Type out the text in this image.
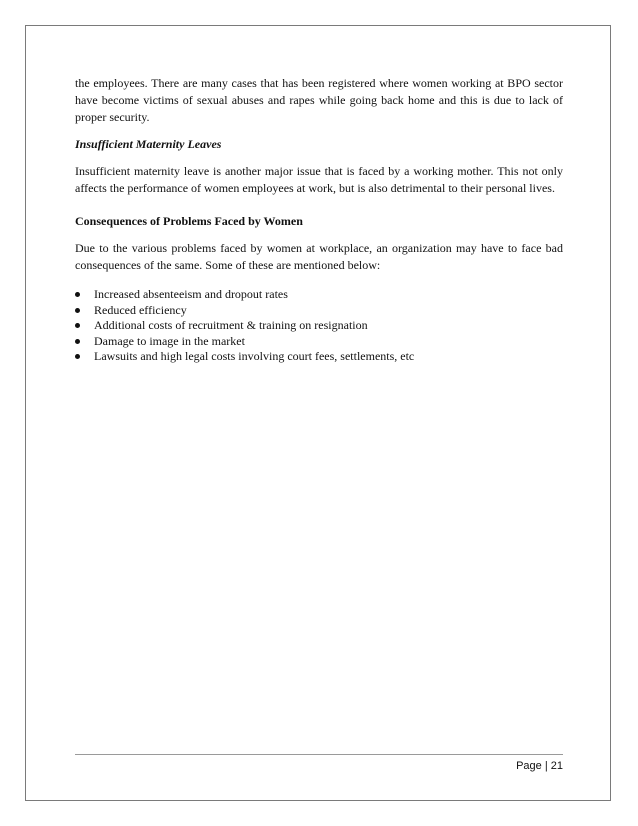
the employees. There are many cases that has been registered where women working at BPO sector have become victims of sexual abuses and rapes while going back home and this is due to lack of proper security.

Insufficient Maternity Leaves

Insufficient maternity leave is another major issue that is faced by a working mother. This not only affects the performance of women employees at work, but is also detrimental to their personal lives.

Consequences of Problems Faced by Women

Due to the various problems faced by women at workplace, an organization may have to face bad consequences of the same. Some of these are mentioned below:

Increased absenteeism and dropout rates
Reduced efficiency
Additional costs of recruitment & training on resignation
Damage to image in the market
Lawsuits and high legal costs involving court fees, settlements, etc
Page | 21
